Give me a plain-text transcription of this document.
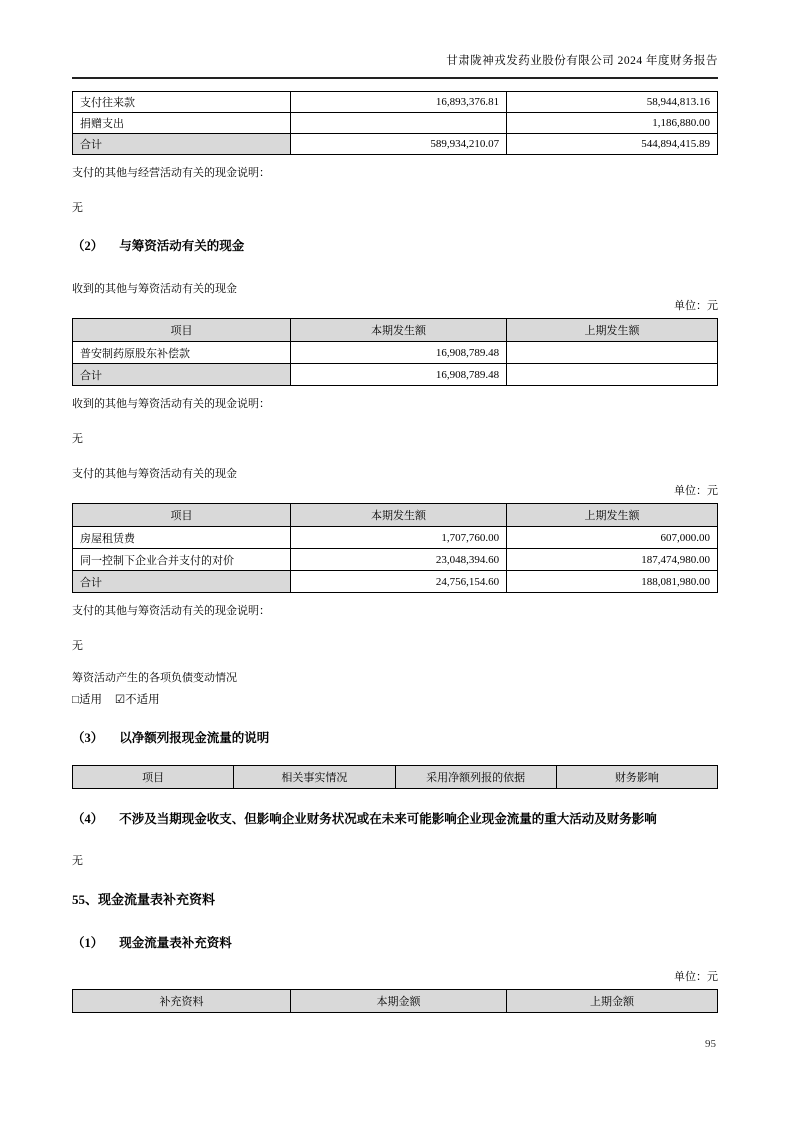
甘肃陇神戎发药业股份有限公司 2024 年度财务报告
支付往来款	16,893,376.81	58,944,813.16
捐赠支出		1,186,880.00
合计	589,934,210.07	544,894,415.89
支付的其他与经营活动有关的现金说明：
无
（2） 与筹资活动有关的现金
收到的其他与筹资活动有关的现金
单位：元
项目	本期发生额	上期发生额
普安制药原股东补偿款	16,908,789.48	
合计	16,908,789.48	
收到的其他与筹资活动有关的现金说明：
无
支付的其他与筹资活动有关的现金
单位：元
项目	本期发生额	上期发生额
房屋租赁费	1,707,760.00	607,000.00
同一控制下企业合并支付的对价	23,048,394.60	187,474,980.00
合计	24,756,154.60	188,081,980.00
支付的其他与筹资活动有关的现金说明：
无
筹资活动产生的各项负债变动情况
□适用 ☑不适用
（3） 以净额列报现金流量的说明
项目	相关事实情况	采用净额列报的依据	财务影响
（4） 不涉及当期现金收支、但影响企业财务状况或在未来可能影响企业现金流量的重大活动及财务影响
无
55、现金流量表补充资料
（1） 现金流量表补充资料
单位：元
补充资料	本期金额	上期金额
95
